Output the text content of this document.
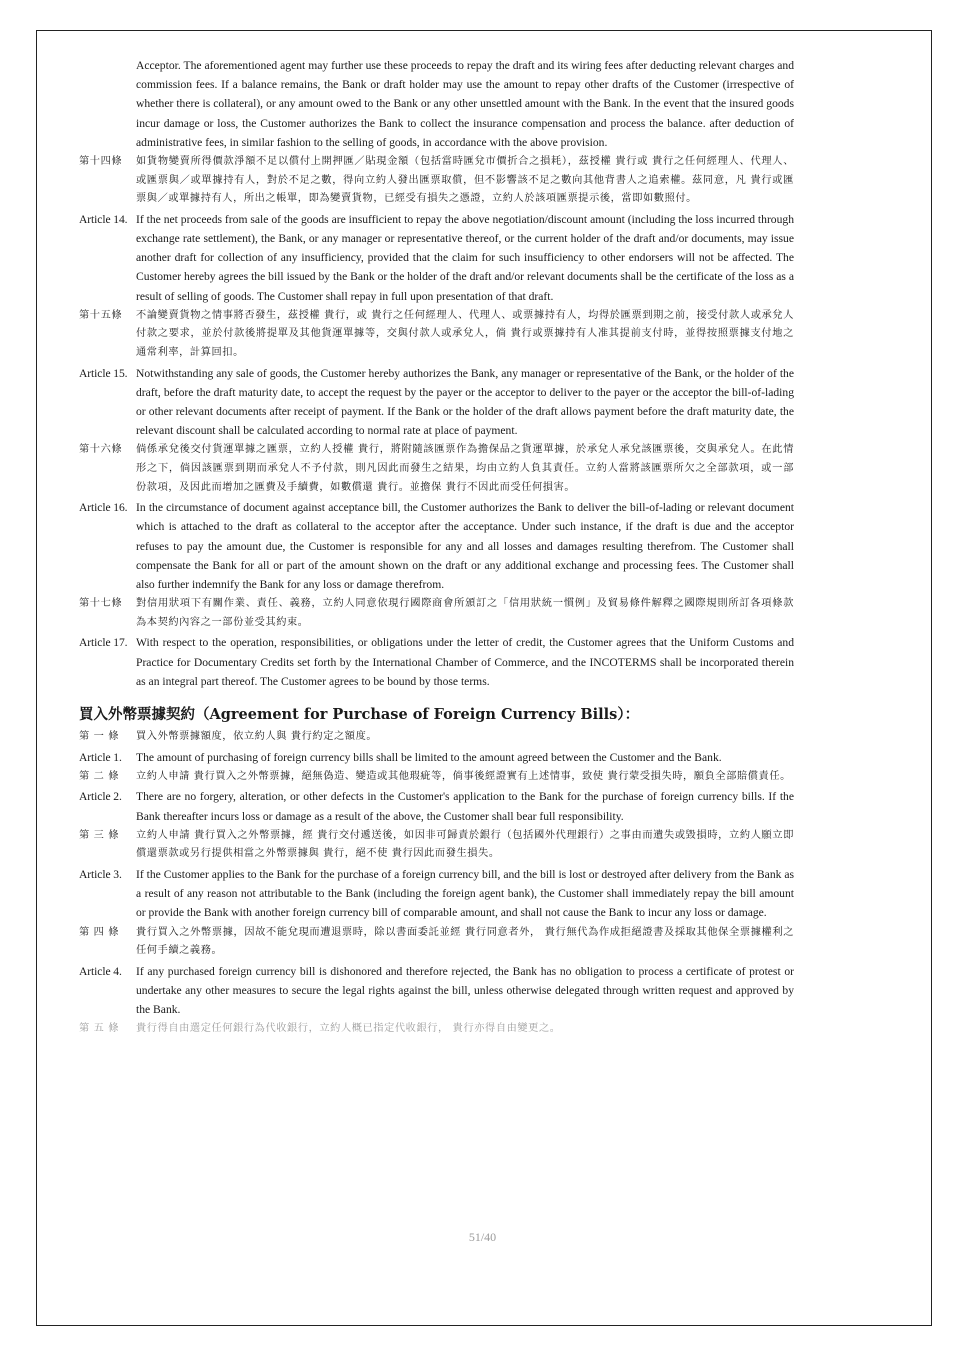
Acceptor. The aforementioned agent may further use these proceeds to repay the draft and its wiring fees after deducting relevant charges and commission fees. If a balance remains, the Bank or draft holder may use the amount to repay other drafts of the Customer (irrespective of whether there is collateral), or any amount owed to the Bank or any other unsettled amount with the Bank. In the event that the insured goods incur damage or loss, the Customer authorizes the Bank to collect the insurance compensation and process the balance. after deduction of administrative fees, in similar fashion to the selling of goods, in accordance with the above provision.
第十四條	如貨物變賣所得價款淨額不足以償付上開押匯／貼現金額（包括當時匯兌市價折合之損耗），茲授權 貴行或 貴行之任何經理人、代理人、或匯票與／或單據持有人，對於不足之數，得向立約人發出匯票取償，但不影響該不足之數向其他背書人之追索權。茲同意，凡 貴行或匯票與／或單據持有人，所出之帳單，即為變賣貨物，已經受有損失之憑證，立約人於該項匯票提示後，當即如數照付。
Article 14. If the net proceeds from sale of the goods are insufficient to repay the above negotiation/discount amount (including the loss incurred through exchange rate settlement), the Bank, or any manager or representative thereof, or the current holder of the draft and/or documents, may issue another draft for collection of any insufficiency, provided that the claim for such insufficiency to other endorsers will not be affected. The Customer hereby agrees the bill issued by the Bank or the holder of the draft and/or relevant documents shall be the certificate of the loss as a result of selling of goods. The Customer shall repay in full upon presentation of that draft.
第十五條	不論變賣貨物之情事將否發生，茲授權 貴行，或 貴行之任何經理人、代理人、或票據持有人，均得於匯票到期之前，接受付款人或承兌人付款之要求，並於付款後將提單及其他貨運單據等，交與付款人或承兌人，倘 貴行或票據持有人准其提前支付時，並得按照票據支付地之通常利率，計算回扣。
Article 15. Notwithstanding any sale of goods, the Customer hereby authorizes the Bank, any manager or representative of the Bank, or the holder of the draft, before the draft maturity date, to accept the request by the payer or the acceptor to deliver to the payer or the acceptor the bill-of-lading or other relevant documents after receipt of payment. If the Bank or the holder of the draft allows payment before the draft maturity date, the relevant discount shall be calculated according to normal rate at place of payment.
第十六條	倘係承兌後交付貨運單據之匯票，立約人授權 貴行，將附隨該匯票作為擔保品之貨運單據，於承兌人承兌該匯票後，交與承兌人。在此情形之下，倘因該匯票到期而承兌人不予付款，則凡因此而發生之結果，均由立約人負其責任。立約人當將該匯票所欠之全部款項，或一部份款項，及因此而增加之匯費及手續費，如數償還 貴行。並擔保 貴行不因此而受任何損害。
Article 16. In the circumstance of document against acceptance bill, the Customer authorizes the Bank to deliver the bill-of-lading or relevant document which is attached to the draft as collateral to the acceptor after the acceptance. Under such instance, if the draft is due and the acceptor refuses to pay the amount due, the Customer is responsible for any and all losses and damages resulting therefrom. The Customer shall compensate the Bank for all or part of the amount shown on the draft or any additional exchange and processing fees. The Customer shall also further indemnify the Bank for any loss or damage therefrom.
第十七條	對信用狀項下有關作業、責任、義務，立約人同意依現行國際商會所頒訂之「信用狀統一慣例」及貿易條件解釋之國際規則所訂各項條款為本契約內容之一部份並受其約束。
Article 17. With respect to the operation, responsibilities, or obligations under the letter of credit, the Customer agrees that the Uniform Customs and Practice for Documentary Credits set forth by the International Chamber of Commerce, and the INCOTERMS shall be incorporated therein as an integral part thereof. The Customer agrees to be bound by those terms.
買入外幣票據契約（Agreement for Purchase of Foreign Currency Bills）：
第 一 條	買入外幣票據額度，依立約人與 貴行約定之額度。
Article 1.	The amount of purchasing of foreign currency bills shall be limited to the amount agreed between the Customer and the Bank.
第 二 條	立約人申請 貴行買入之外幣票據，絕無偽造、變造或其他瑕疵等，倘事後經證實有上述情事，致使 貴行蒙受損失時，願負全部賠償責任。
Article 2.	There are no forgery, alteration, or other defects in the Customer's application to the Bank for the purchase of foreign currency bills. If the Bank thereafter incurs loss or damage as a result of the above, the Customer shall bear full responsibility.
第 三 條	立約人申請 貴行買入之外幣票據，經 貴行交付遞送後，如因非可歸責於銀行（包括國外代理銀行）之事由而遺失或毀損時，立約人願立即償還票款或另行提供相當之外幣票據與 貴行，絕不使 貴行因此而發生損失。
Article 3.	If the Customer applies to the Bank for the purchase of a foreign currency bill, and the bill is lost or destroyed after delivery from the Bank as a result of any reason not attributable to the Bank (including the foreign agent bank), the Customer shall immediately repay the bill amount or provide the Bank with another foreign currency bill of comparable amount, and shall not cause the Bank to incur any loss or damage.
第 四 條	貴行買入之外幣票據，因故不能兌現而遭退票時，除以書面委託並經 貴行同意者外， 貴行無代為作成拒絕證書及採取其他保全票據權利之任何手續之義務。
Article 4.	If any purchased foreign currency bill is dishonored and therefore rejected, the Bank has no obligation to process a certificate of protest or undertake any other measures to secure the legal rights against the bill, unless otherwise delegated through written request and approved by the Bank.
第 五 條	貴行得自由選定任何銀行為代收銀行，立約人概已指定代收銀行， 貴行亦得自由變更之。
51/40
